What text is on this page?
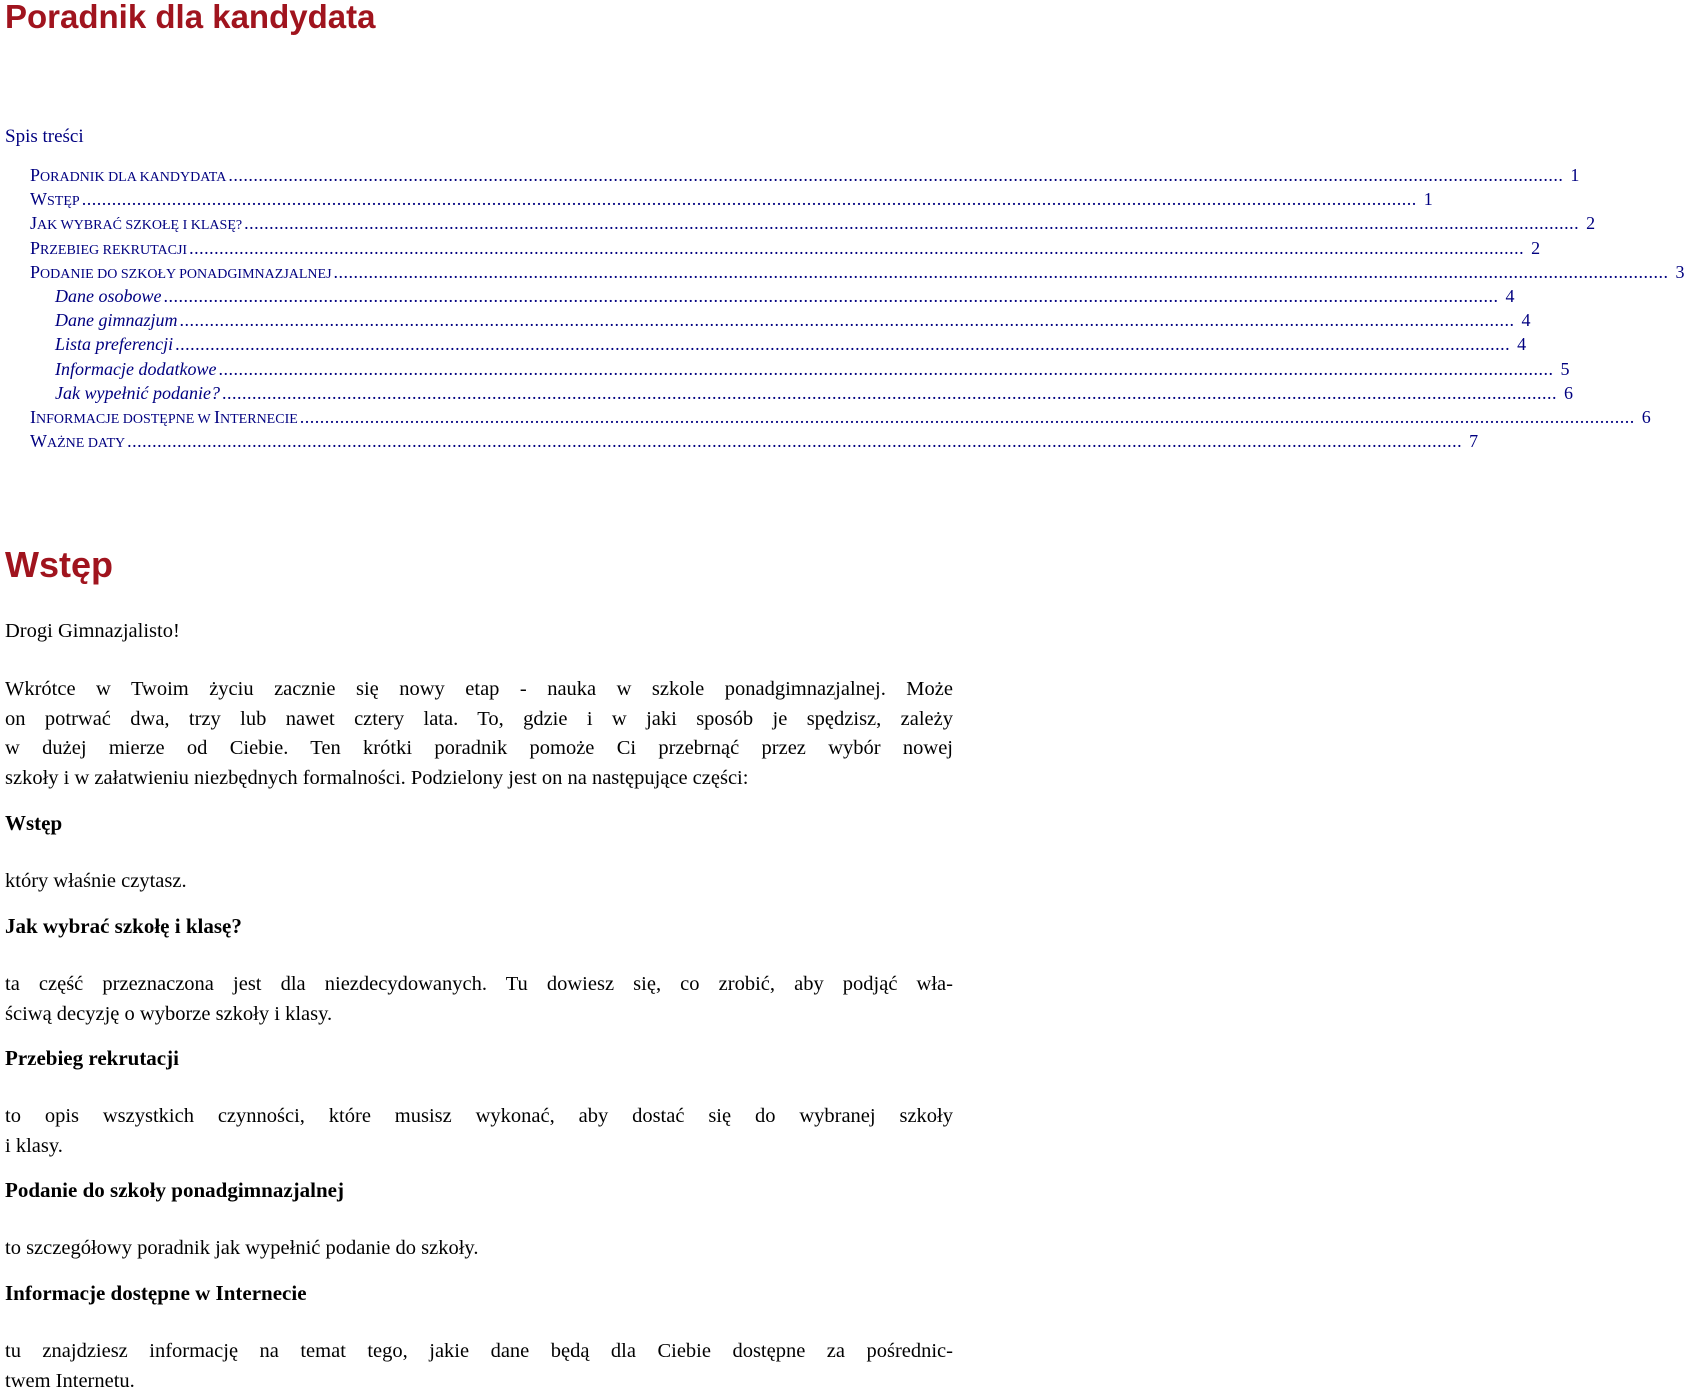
Poradnik dla kandydata
Spis treści
PORADNIK DLA KANDYDATA .....	1
WSTĘP .....	1
JAK WYBRAĆ SZKOŁĘ I KLASĘ? .....	2
PRZEBIEG REKRUTACJI .....	2
PODANIE DO SZKOŁY PONADGIMNAZJALNEJ .....	3
Dane osobowe .....	4
Dane gimnazjum .....	4
Lista preferencji .....	4
Informacje dodatkowe .....	5
Jak wypełnić podanie? .....	6
INFORMACJE DOSTĘPNE W INTERNECIE .....	6
WAŻNE DATY .....	7
Wstęp

Drogi Gimnazjalisto!

Wkrótce w Twoim życiu zacznie się nowy etap - nauka w szkole ponadgimnazjalnej. Może

on potrwać dwa, trzy lub nawet cztery lata. To, gdzie i w jaki sposób je spędzisz, zależy

w dużej mierze od Ciebie. Ten krótki poradnik pomoże Ci przebrnąć przez wybór nowej

szkoły i w załatwieniu niezbędnych formalności. Podzielony jest on na następujące części:

Wstęp

który właśnie czytasz.

Jak wybrać szkołę i klasę?

ta część przeznaczona jest dla niezdecydowanych. Tu dowiesz się, co zrobić, aby podjąć wła-

ściwą decyzję o wyborze szkoły i klasy.

Przebieg rekrutacji

to opis wszystkich czynności, które musisz wykonać, aby dostać się do wybranej szkoły

i klasy.

Podanie do szkoły ponadgimnazjalnej

to szczegółowy poradnik jak wypełnić podanie do szkoły.

Informacje dostępne w Internecie

tu znajdziesz informację na temat tego, jakie dane będą dla Ciebie dostępne za pośrednic-

twem Internetu.
